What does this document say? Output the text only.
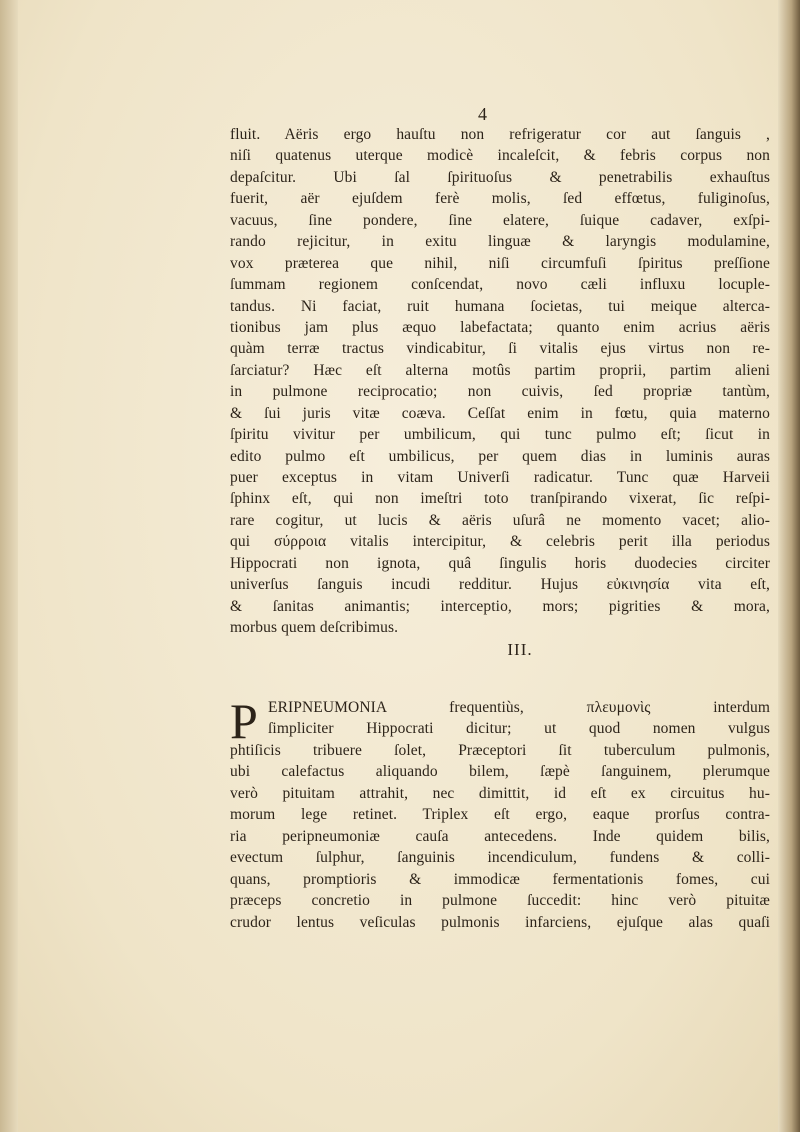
4
fluit. Aëris ergo hauſtu non refrigeratur cor aut ſanguis ,
niſi quatenus uterque modicè incaleſcit, & febris corpus non
depaſcitur. Ubi ſal ſpirituoſus & penetrabilis exhauſtus
fuerit, aër ejuſdem ferè molis, ſed effœtus, fuliginoſus,
vacuus, ſine pondere, ſine elatere, ſuique cadaver, exſpi-
rando rejicitur, in exitu linguæ & laryngis modulamine,
vox præterea que nihil, niſi circumfuſi ſpiritus preſſione
ſummam regionem conſcendat, novo cæli influxu locuple-
tandus. Ni faciat, ruit humana ſocietas, tui meique alterca-
tionibus jam plus æquo labefactata; quanto enim acrius aëris
quàm terræ tractus vindicabitur, ſi vitalis ejus virtus non re-
ſarciatur? Hæc eſt alterna motûs partim proprii, partim alieni
in pulmone reciprocatio; non cuivis, ſed propriæ tantùm,
& ſui juris vitæ coæva. Ceſſat enim in fœtu, quia materno
ſpiritu vivitur per umbilicum, qui tunc pulmo eſt; ſicut in
edito pulmo eſt umbilicus, per quem dias in luminis auras
puer exceptus in vitam Univerſi radicatur. Tunc quæ Harveii
ſphinx eſt, qui non imeſtri toto tranſpirando vixerat, ſic reſpi-
rare cogitur, ut lucis & aëris uſurâ ne momento vacet; alio-
qui σύρροια vitalis intercipitur, & celebris perit illa periodus
Hippocrati non ignota, quâ ſingulis horis duodecies circiter
univerſus ſanguis incudi redditur. Hujus εὐκινησία vita eſt,
& ſanitas animantis; interceptio, mors; pigrities & mora,
morbus quem deſcribimus.
III.
P ERIPNEUMONIA frequentiùs, πλευμονὶς interdum
ſimpliciter Hippocrati dicitur; ut quod nomen vulgus
phtiſicis tribuere ſolet, Præceptori ſit tuberculum pulmonis,
ubi calefactus aliquando bilem, ſæpè ſanguinem, plerumque
verò pituitam attrahit, nec dimittit, id eſt ex circuitus hu-
morum lege retinet. Triplex eſt ergo, eaque prorſus contra-
ria peripneumoniæ cauſa antecedens. Inde quidem bilis,
evectum ſulphur, ſanguinis incendiculum, fundens & colli-
quans, promptioris & immodicæ fermentationis fomes, cui
præceps concretio in pulmone ſuccedit: hinc verò pituitæ
crudor lentus veſiculas pulmonis infarciens, ejuſque alas quaſi
